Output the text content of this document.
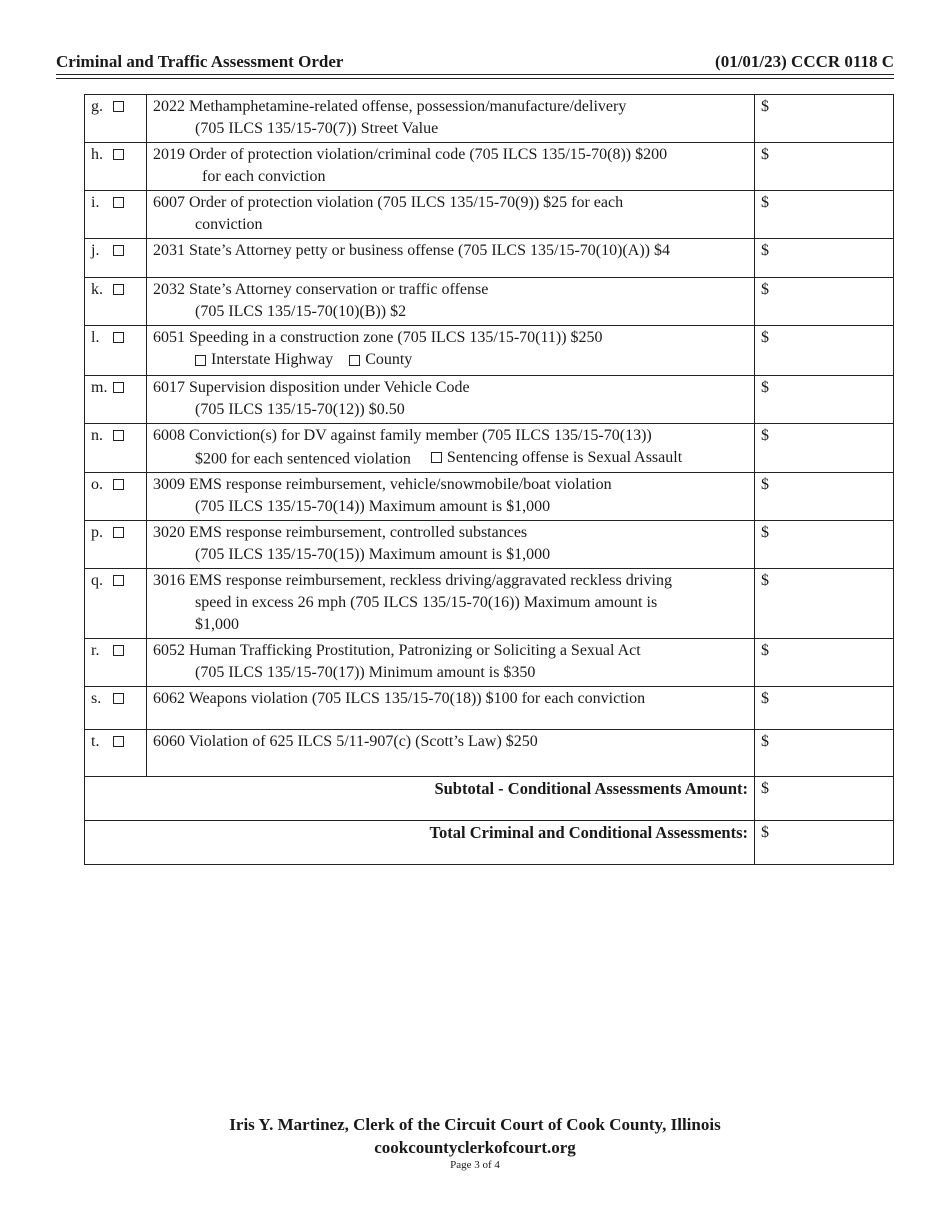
Criminal and Traffic Assessment Order	(01/01/23) CCCR 0118 C
g.	2022 Methamphetamine-related offense, possession/manufacture/delivery
(705 ILCS 135/15-70(7)) Street Value	$
h.	2019 Order of protection violation/criminal code (705 ILCS 135/15-70(8)) $200
for each conviction	$
i.	6007 Order of protection violation (705 ILCS 135/15-70(9)) $25 for each
conviction	$
j.	2031 State’s Attorney petty or business offense (705 ILCS 135/15-70(10)(A)) $4	$
k.	2032 State’s Attorney conservation or traffic offense
(705 ILCS 135/15-70(10)(B)) $2	$
l.	6051 Speeding in a construction zone (705 ILCS 135/15-70(11)) $250
Interstate Highway County	$
m.	6017 Supervision disposition under Vehicle Code
(705 ILCS 135/15-70(12)) $0.50	$
n.	6008 Conviction(s) for DV against family member (705 ILCS 135/15-70(13))
$200 for each sentenced violation Sentencing offense is Sexual Assault	$
o.	3009 EMS response reimbursement, vehicle/snowmobile/boat violation
(705 ILCS 135/15-70(14)) Maximum amount is $1,000	$
p.	3020 EMS response reimbursement, controlled substances
(705 ILCS 135/15-70(15)) Maximum amount is $1,000	$
q.	3016 EMS response reimbursement, reckless driving/aggravated reckless driving
speed in excess 26 mph (705 ILCS 135/15-70(16)) Maximum amount is
$1,000	$
r.	6052 Human Trafficking Prostitution, Patronizing or Soliciting a Sexual Act
(705 ILCS 135/15-70(17)) Minimum amount is $350	$
s.	6062 Weapons violation (705 ILCS 135/15-70(18)) $100 for each conviction	$
t.	6060 Violation of 625 ILCS 5/11-907(c) (Scott’s Law) $250	$
Subtotal - Conditional Assessments Amount:		$
Total Criminal and Conditional Assessments:		$
Iris Y. Martinez, Clerk of the Circuit Court of Cook County, Illinois
cookcountyclerkofcourt.org
Page 3 of 4
